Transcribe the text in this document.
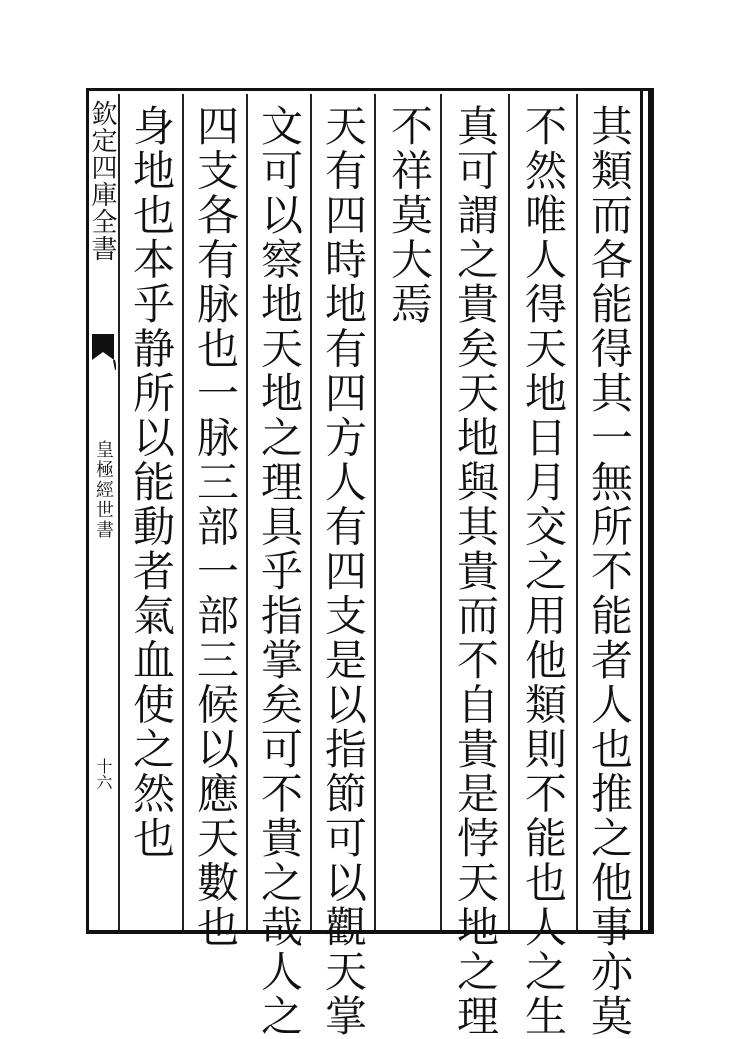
欽定四庫全書
皇極經世書
十六	其類而各能得其一無所不能者人也推之他事亦莫
不然唯人得天地日月交之用他類則不能也人之生
真可謂之貴矣天地與其貴而不自貴是悖天地之理
不祥莫大焉
天有四時地有四方人有四支是以指節可以觀天掌
文可以察地天地之理具乎指掌矣可不貴之哉人之
四支各有脉也一脉三部一部三候以應天數也
身地也本乎静所以能動者氣血使之然也
